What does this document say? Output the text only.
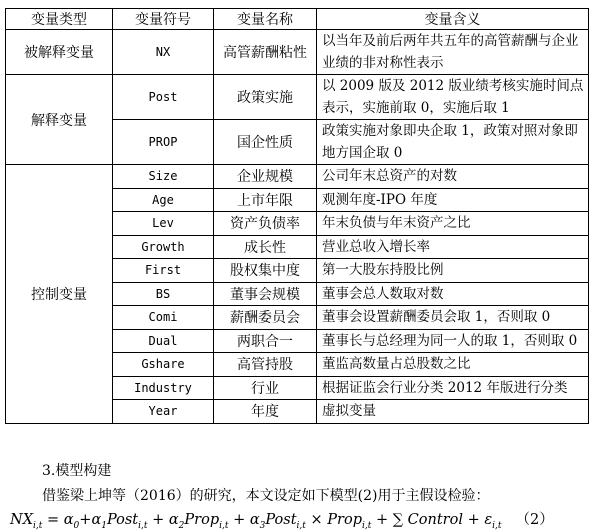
变量类型	变量符号	变量名称	变量含义
被解释变量	NX	高管薪酬粘性	以当年及前后两年共五年的高管薪酬与企业业绩的非对称性表示
解释变量	Post	政策实施	以 2009 版及 2012 版业绩考核实施时间点表示，实施前取 0，实施后取 1
	PROP	国企性质	政策实施对象即央企取 1，政策对照对象即地方国企取 0
控制变量	Size	企业规模	公司年末总资产的对数
	Age	上市年限	观测年度-IPO 年度
	Lev	资产负债率	年末负债与年末资产之比
	Growth	成长性	营业总收入增长率
	First	股权集中度	第一大股东持股比例
	BS	董事会规模	董事会总人数取对数
	Comi	薪酬委员会	董事会设置薪酬委员会取 1，否则取 0
	Dual	两职合一	董事长与总经理为同一人的取 1，否则取 0
	Gshare	高管持股	董监高数量占总股数之比
	Industry	行业	根据证监会行业分类 2012 年版进行分类
	Year	年度	虚拟变量
3.模型构建
借鉴梁上坤等（2016）的研究，本文设定如下模型(2)用于主假设检验：
$NX_{i,t}$ = $\alpha_0+\alpha_1Post_{i,t}$ + $\alpha_2Prop_{i,t}$ + $\alpha_3Post_{i,t}$ × Prop$_{i,t}$ + ∑ Control + $\varepsilon_{i,t}$ （2）
